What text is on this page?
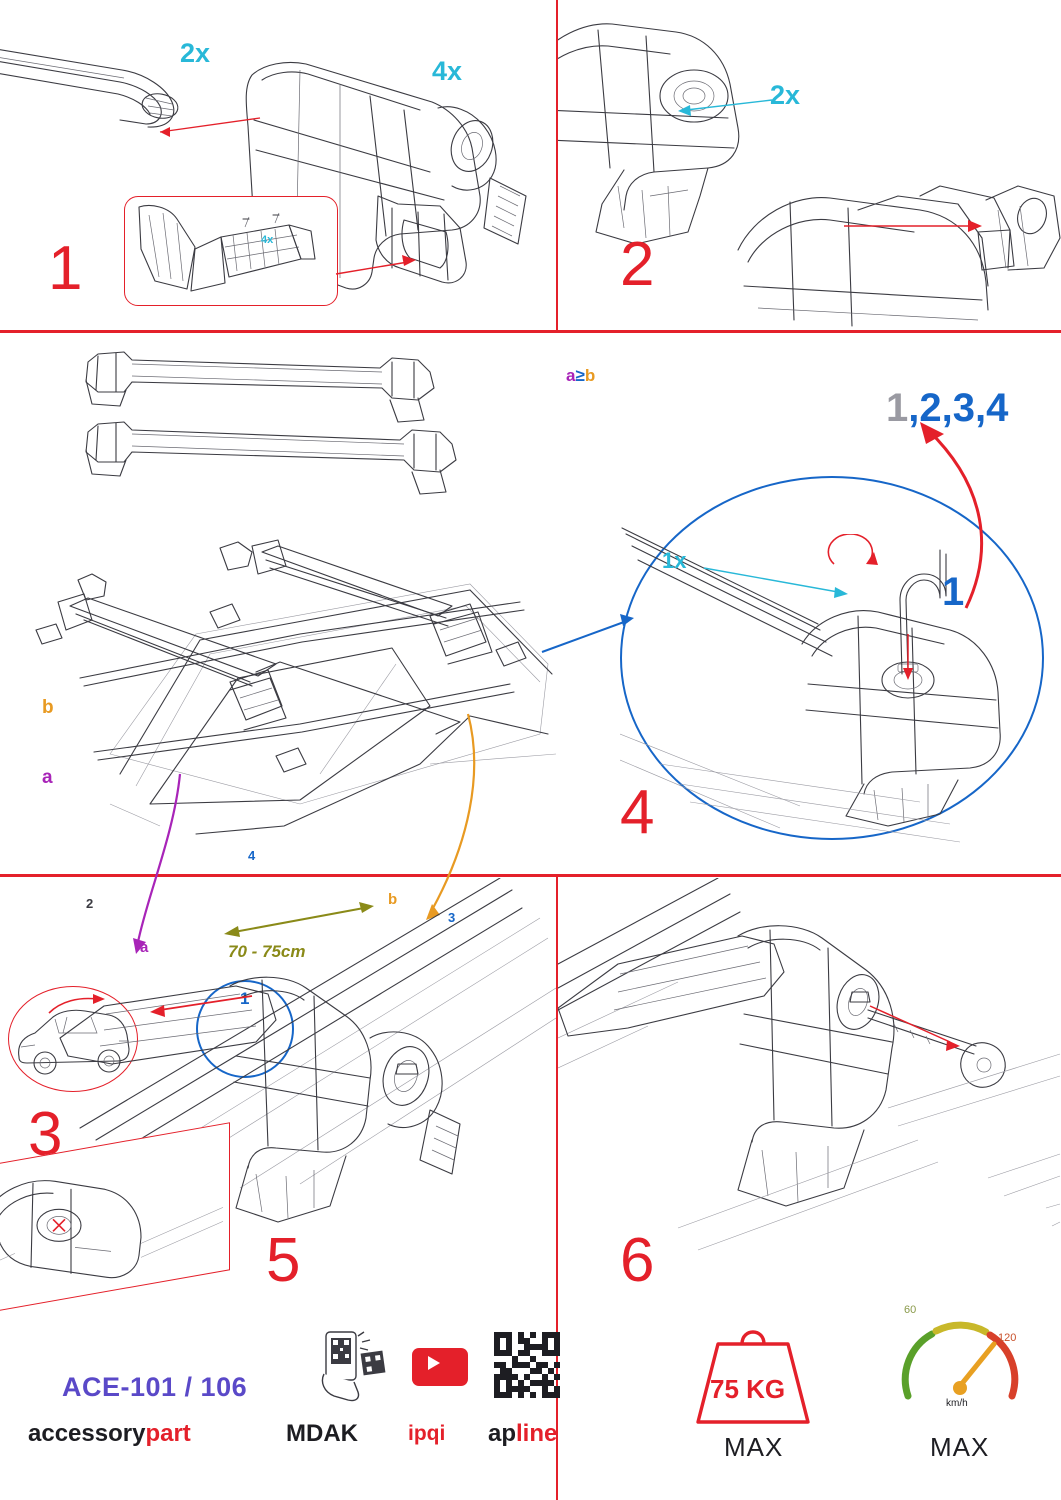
2x
4x
4x
1
2x
2
b
a
a
b
70 - 75cm
4
2
3
1
3
a≥b
1x
1,2,3,4
1
4
5	6
ACE-101 / 106
accessorypart	MDAK ipqi apline
75 KG
MAX
60
120
km/h
MAX
